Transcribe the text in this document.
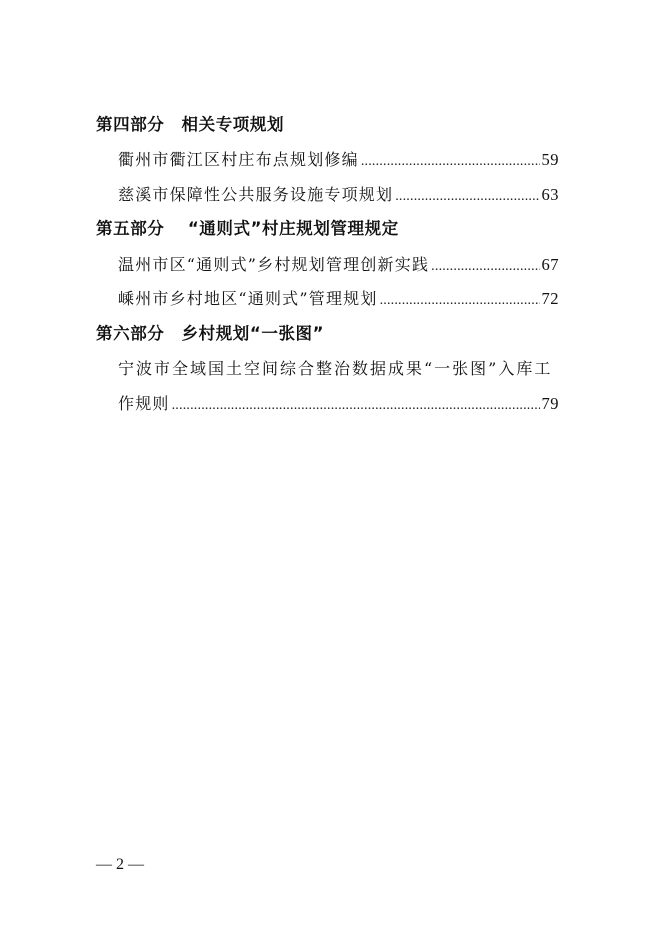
第四部分　相关专项规划
衢州市衢江区村庄布点规划修编 .....	59
慈溪市保障性公共服务设施专项规划 .....	63
第五部分　 “通则式”村庄规划管理规定
温州市区“通则式”乡村规划管理创新实践 .....	67
嵊州市乡村地区“通则式”管理规划 .....	72
第六部分　乡村规划“一张图”
宁波市全域国土空间综合整治数据成果“一张图”入库工
作规则 .....	79
— 2 —
